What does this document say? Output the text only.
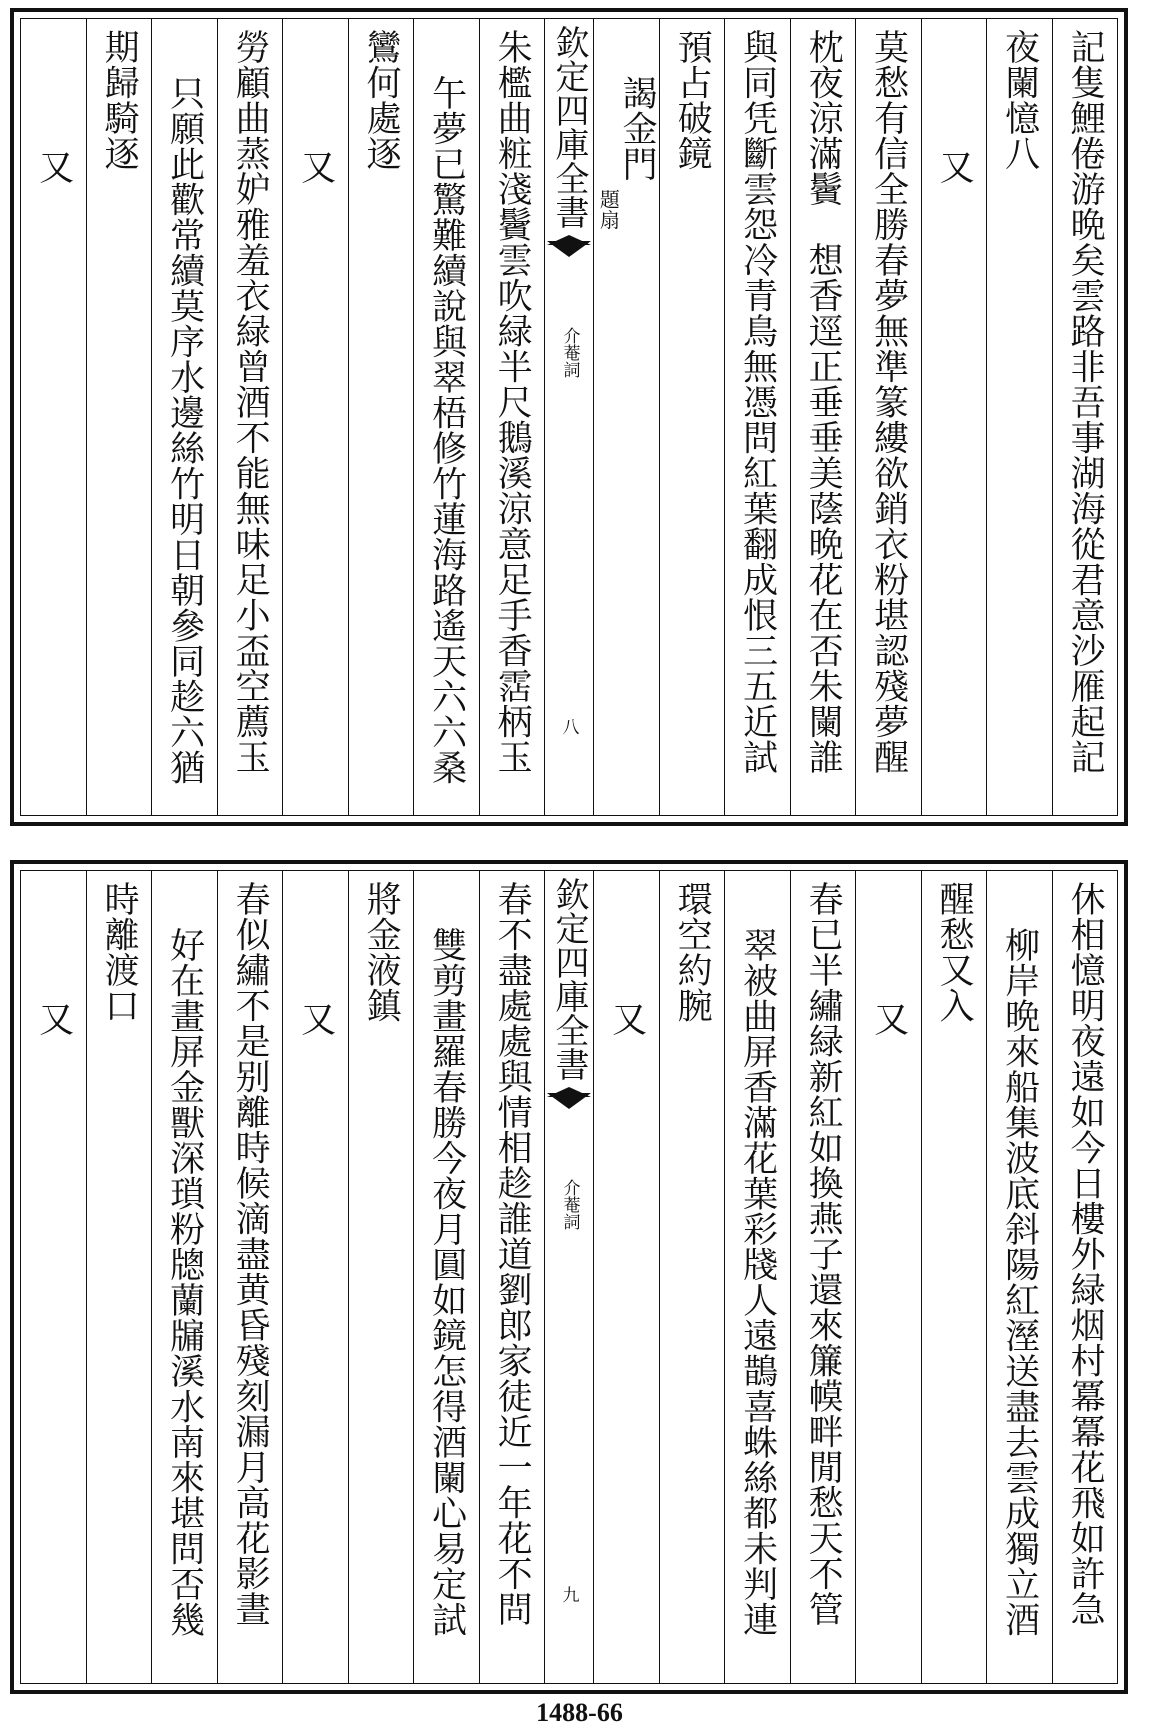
記隻鯉倦游晩矣雲路非吾事湖海從君意沙雁起記
夜闌憶八
又
莫愁有信全勝春夢無準篆縷欲銷衣粉堪認殘夢醒
枕夜涼滿鬢　想香逕正垂垂美蔭晩花在否朱闌誰
與同凭斷雲怨冷青鳥無憑問紅葉翻成恨三五近試
預占破鏡
謁金門
題扇
欽定四庫全書
介菴詞
八
朱檻曲粧淺鬢雲吹緑半尺鵝溪涼意足手香霑柄玉
午夢已驚難續說與翠梧修竹蓮海路遙天六六桑
鸞何處逐
又
勞顧曲蒸妒雅羞衣緑曾酒不能無味足小盃空薦玉
只願此歡常續莫序水邊絲竹明日朝參同趁六猶
期歸騎逐
又
休相憶明夜遠如今日樓外緑烟村冪冪花飛如許急
柳岸晩來船集波底斜陽紅溼送盡去雲成獨立酒
醒愁又入
又
春已半繡緑新紅如換燕子還來簾幙畔閒愁天不管
翠被曲屏香滿花葉彩牋人遠鵲喜蛛絲都未判連
環空約腕
又
欽定四庫全書
介菴詞
九
春不盡處處與情相趁誰道劉郎家徒近一年花不問
雙剪畫羅春勝今夜月圓如鏡怎得酒闌心易定試
將金液鎮
又
春似繡不是别離時候滴盡黄昏殘刻漏月高花影晝
好在畫屏金獸深瑣粉牕蘭牖溪水南來堪問否幾
時離渡口
又
1488-66
